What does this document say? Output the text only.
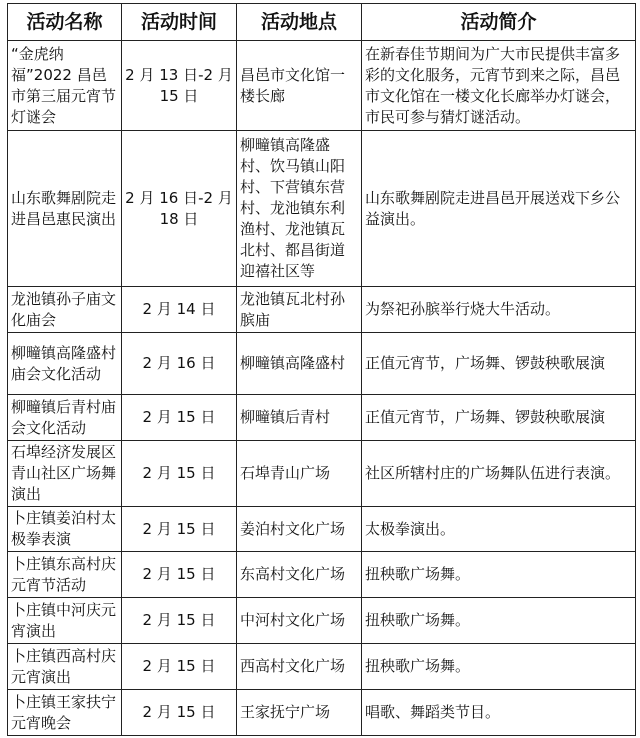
活动名称	活动时间	活动地点	活动简介
“金虎纳福”2022 昌邑市第三届元宵节灯谜会	2 月 13 日-2 月 15 日	昌邑市文化馆一楼长廊	在新春佳节期间为广大市民提供丰富多彩的文化服务，元宵节到来之际，昌邑市文化馆在一楼文化长廊举办灯谜会，市民可参与猜灯谜活动。
山东歌舞剧院走进昌邑惠民演出	2 月 16 日-2 月 18 日	柳疃镇高隆盛村、饮马镇山阳村、下营镇东营村、龙池镇东利渔村、龙池镇瓦北村、都昌街道迎禧社区等	山东歌舞剧院走进昌邑开展送戏下乡公益演出。
龙池镇孙子庙文化庙会	2 月 14 日	龙池镇瓦北村孙膑庙	为祭祀孙膑举行烧大牛活动。
柳疃镇高隆盛村庙会文化活动	2 月 16 日	柳疃镇高隆盛村	正值元宵节，广场舞、锣鼓秧歌展演
柳疃镇后青村庙会文化活动	2 月 15 日	柳疃镇后青村	正值元宵节，广场舞、锣鼓秧歌展演
石埠经济发展区青山社区广场舞演出	2 月 15 日	石埠青山广场	社区所辖村庄的广场舞队伍进行表演。
卜庄镇姜泊村太极拳表演	2 月 15 日	姜泊村文化广场	太极拳演出。
卜庄镇东高村庆元宵节活动	2 月 15 日	东高村文化广场	扭秧歌广场舞。
卜庄镇中河庆元宵演出	2 月 15 日	中河村文化广场	扭秧歌广场舞。
卜庄镇西高村庆元宵演出	2 月 15 日	西高村文化广场	扭秧歌广场舞。
卜庄镇王家扶宁元宵晚会	2 月 15 日	王家抚宁广场	唱歌、舞蹈类节目。
